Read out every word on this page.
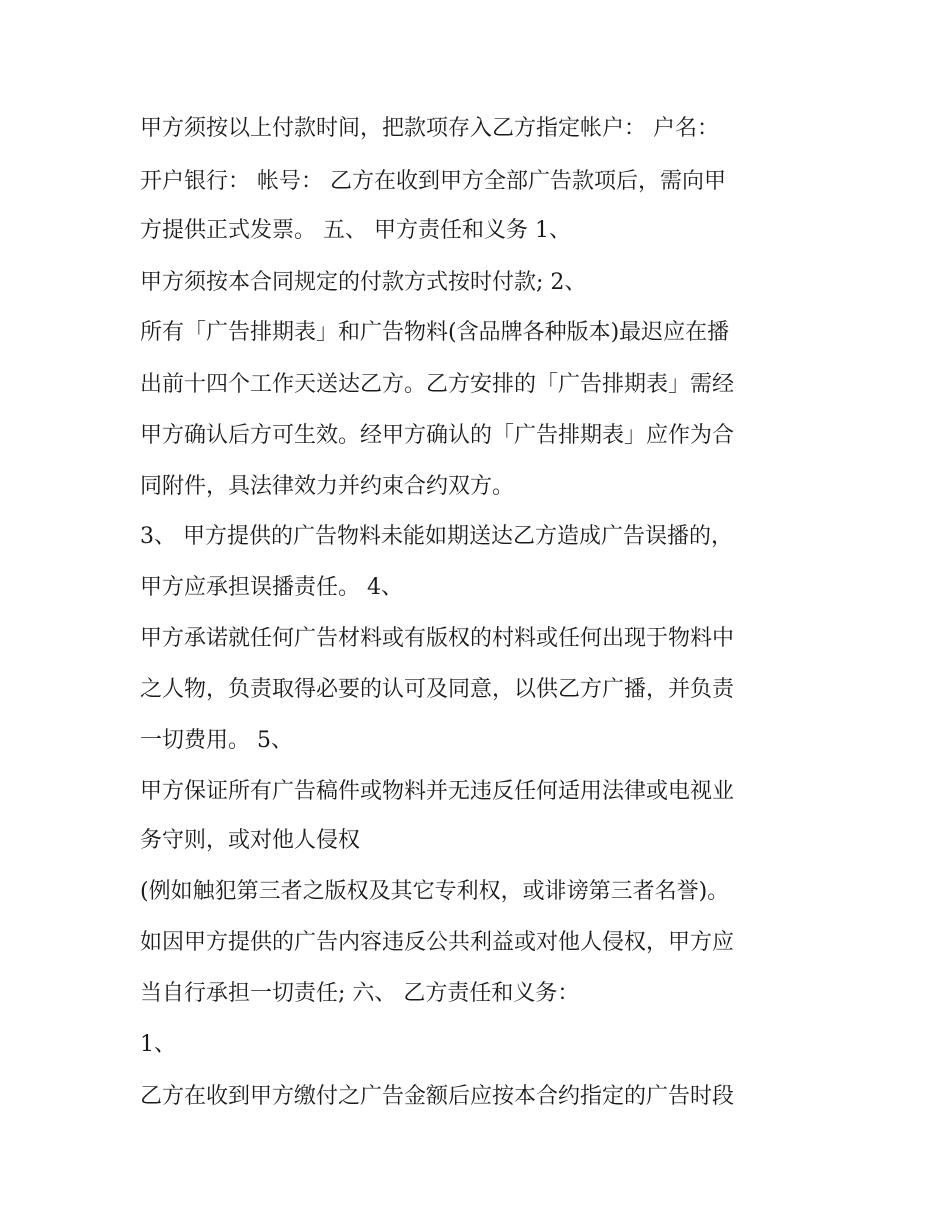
甲方须按以上付款时间，把款项存入乙方指定帐户： 户名：

开户银行： 帐号： 乙方在收到甲方全部广告款项后，需向甲

方提供正式发票。 五、 甲方责任和义务 1、

甲方须按本合同规定的付款方式按时付款; 2、

所有「广告排期表」和广告物料(含品牌各种版本)最迟应在播

出前十四个工作天送达乙方。乙方安排的「广告排期表」需经

甲方确认后方可生效。经甲方确认的「广告排期表」应作为合

同附件，具法律效力并约束合约双方。

3、 甲方提供的广告物料未能如期送达乙方造成广告误播的，

甲方应承担误播责任。 4、

甲方承诺就任何广告材料或有版权的村料或任何出现于物料中

之人物，负责取得必要的认可及同意，以供乙方广播，并负责

一切费用。 5、

甲方保证所有广告稿件或物料并无违反任何适用法律或电视业

务守则，或对他人侵权

(例如触犯第三者之版权及其它专利权，或诽谤第三者名誉)。

如因甲方提供的广告内容违反公共利益或对他人侵权，甲方应

当自行承担一切责任; 六、 乙方责任和义务：

1、

乙方在收到甲方缴付之广告金额后应按本合约指定的广告时段
